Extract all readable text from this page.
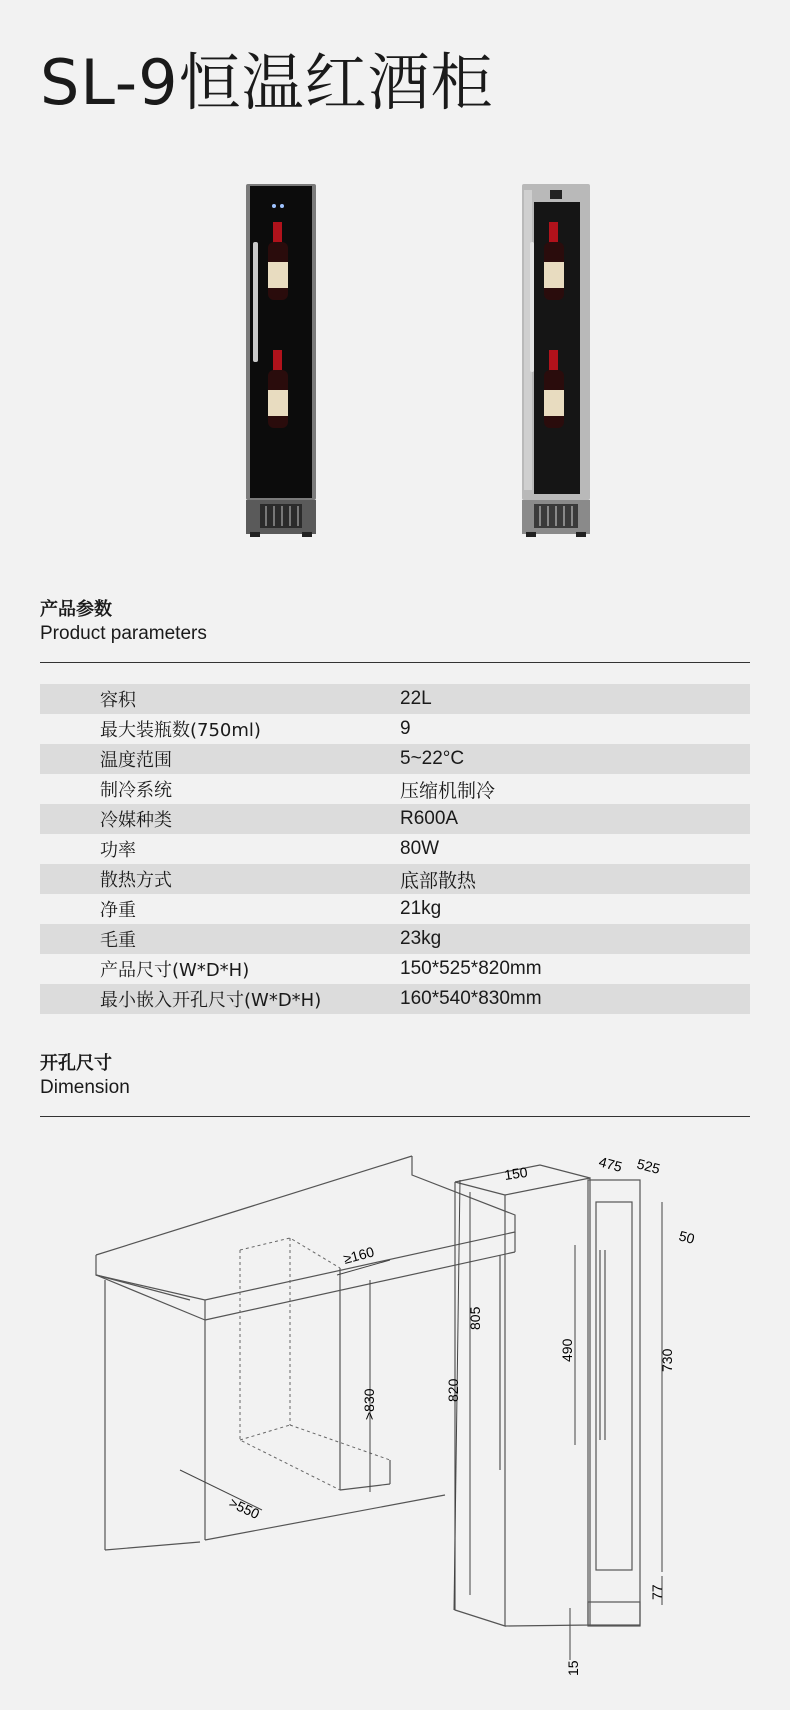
SL-9恒温红酒柜
产品参数
Product parameters
容积	22L
最大装瓶数(750ml)	9
温度范围	5~22°C
制冷系统	压缩机制冷
冷媒种类	R600A
功率	80W
散热方式	底部散热
净重	21kg
毛重	23kg
产品尺寸(W*D*H)	150*525*820mm
最小嵌入开孔尺寸(W*D*H)	160*540*830mm
开孔尺寸
Dimension
≥160
>830
>550
150	475 525
50
820
805
490	730
77
15
